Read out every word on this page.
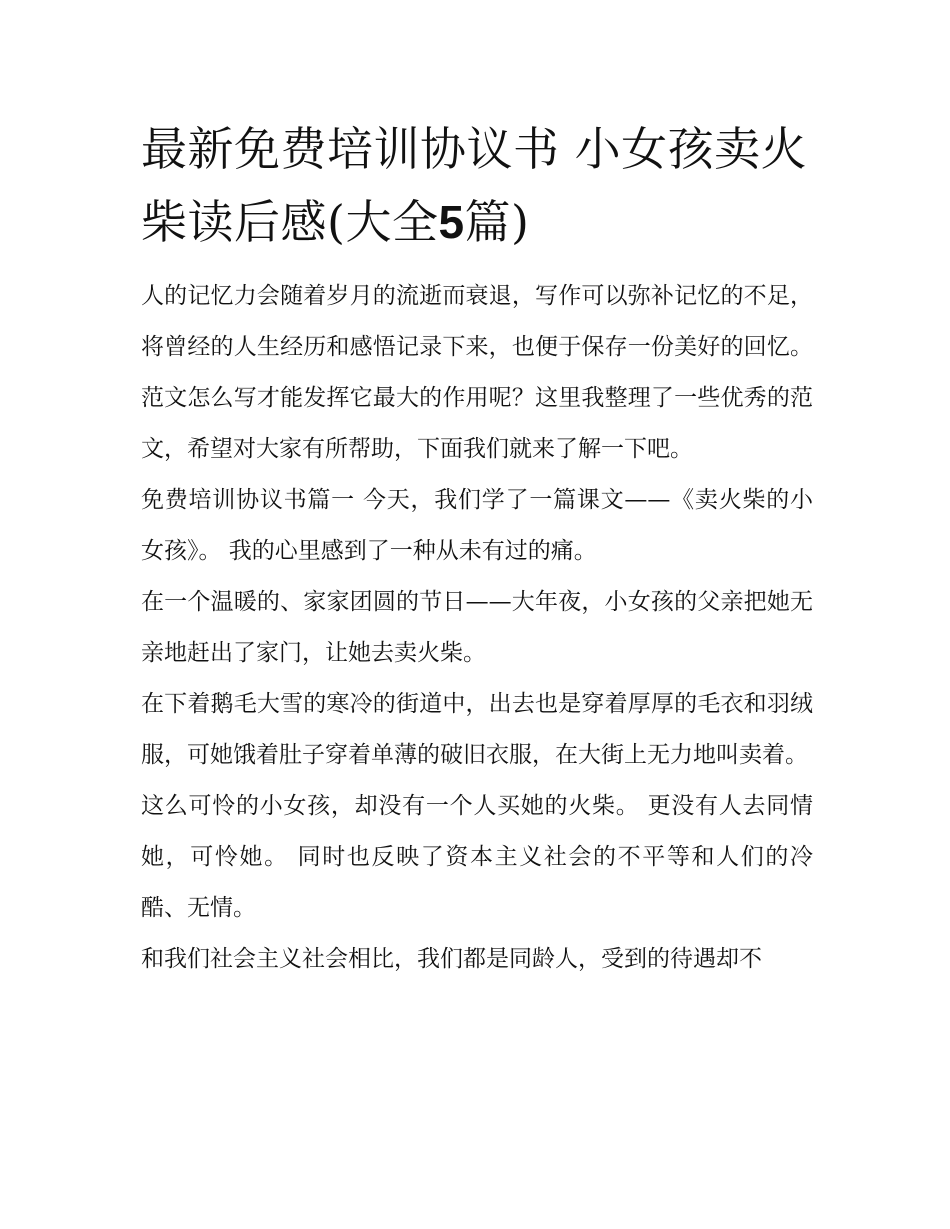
最新免费培训协议书 小女孩卖火柴读后感(大全5篇)

人的记忆力会随着岁月的流逝而衰退，写作可以弥补记忆的不足，将曾经的人生经历和感悟记录下来，也便于保存一份美好的回忆。范文怎么写才能发挥它最大的作用呢？这里我整理了一些优秀的范文，希望对大家有所帮助，下面我们就来了解一下吧。

免费培训协议书篇一 今天，我们学了一篇课文——《卖火柴的小女孩》。 我的心里感到了一种从未有过的痛。

在一个温暖的、家家团圆的节日——大年夜，小女孩的父亲把她无亲地赶出了家门，让她去卖火柴。

在下着鹅毛大雪的寒冷的街道中，出去也是穿着厚厚的毛衣和羽绒服，可她饿着肚子穿着单薄的破旧衣服，在大街上无力地叫卖着。

这么可怜的小女孩，却没有一个人买她的火柴。 更没有人去同情她，可怜她。 同时也反映了资本主义社会的不平等和人们的冷酷、无情。

和我们社会主义社会相比，我们都是同龄人，受到的待遇却不
